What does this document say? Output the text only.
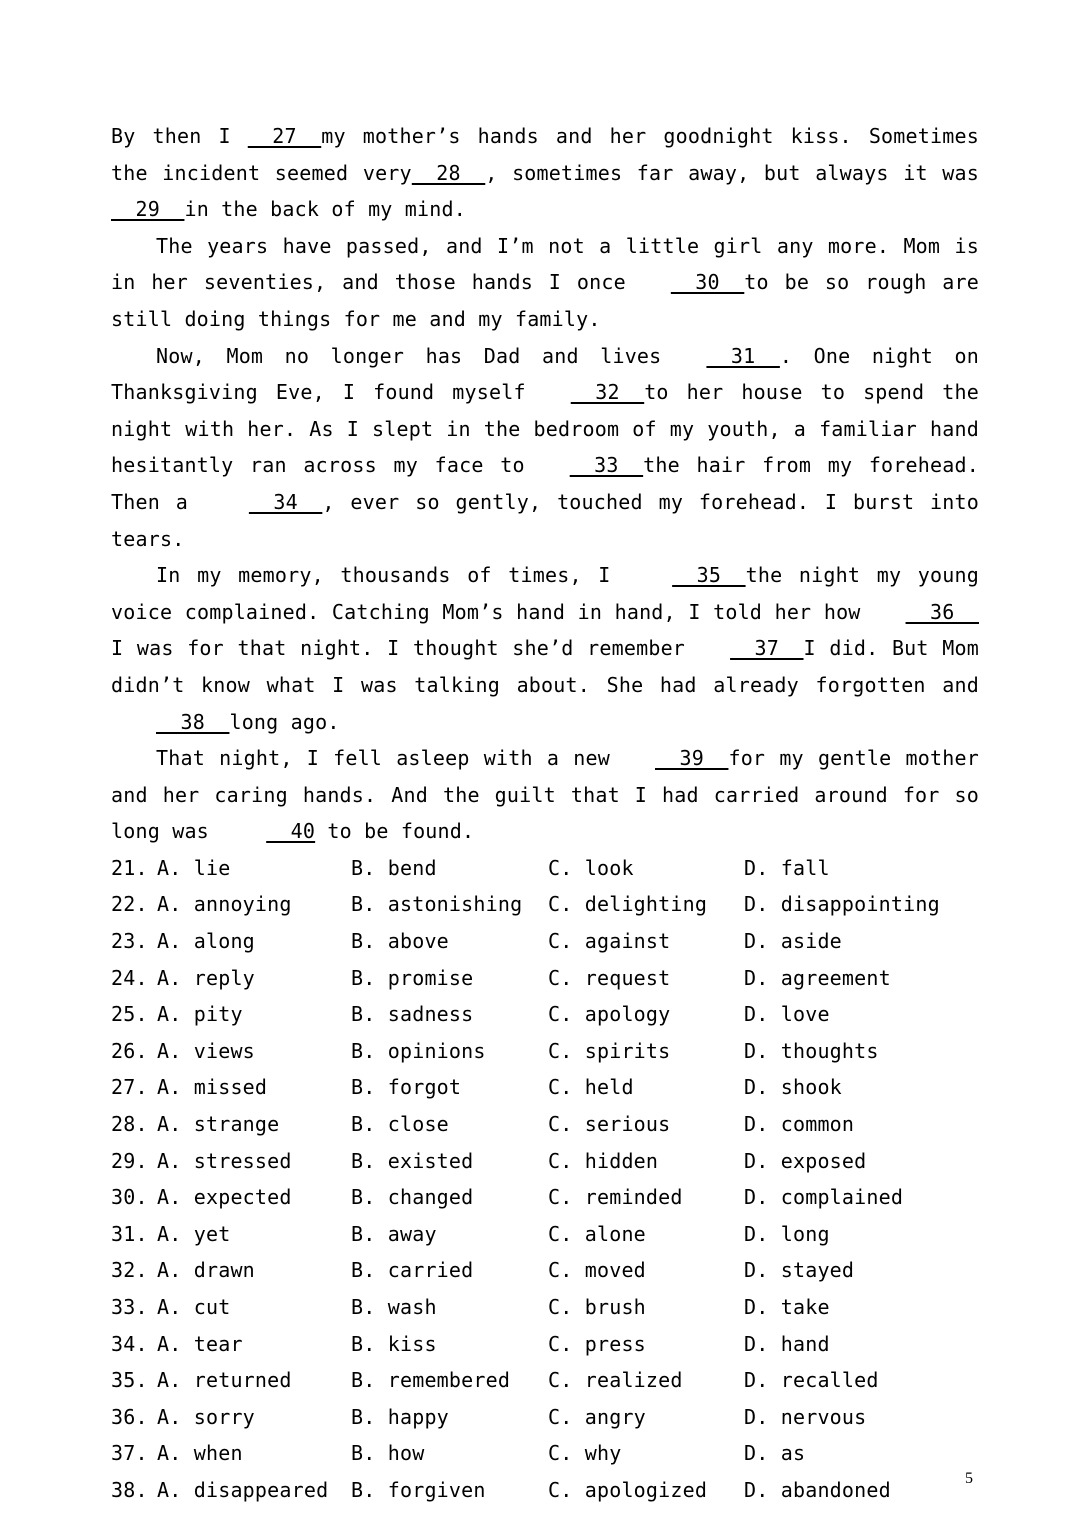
By then I   27  my mother’s hands and her goodnight kiss. Sometimes the incident seemed very  28  , sometimes far away, but always it was  29  in the back of my mind.

The years have passed, and I’m not a little girl any more. Mom is in her seventies, and those hands I once  30  to be so rough are still doing things for me and my family.

Now, Mom no longer has Dad and lives  31  . One night on Thanksgiving Eve, I found myself  32  to her house to spend the night with her. As I slept in the bedroom of my youth, a familiar hand hesitantly ran across my face to  33  the hair from my forehead. Then a   34  , ever so gently, touched my forehead. I burst into tears.

In my memory, thousands of times, I   35  the night my young voice complained. Catching Mom’s hand in hand, I told her how  36  I was for that night. I thought she’d remember  37  I did. But Mom didn’t know what I was talking about. She had already forgotten and   38  long ago.

That night, I fell asleep with a new  39  for my gentle mother and her caring hands. And the guilt that I had carried around for so long was   40 to be found.

21. A. lie	B. bend	C. look	D. fall
22. A. annoying	B. astonishing	C. delighting	D. disappointing
23. A. along	B. above	C. against	D. aside
24. A. reply	B. promise	C. request	D. agreement
25. A. pity	B. sadness	C. apology	D. love
26. A. views	B. opinions	C. spirits	D. thoughts
27. A. missed	B. forgot	C. held	D. shook
28. A. strange	B. close	C. serious	D. common
29. A. stressed	B. existed	C. hidden	D. exposed
30. A. expected	B. changed	C. reminded	D. complained
31. A. yet	B. away	C. alone	D. long
32. A. drawn	B. carried	C. moved	D. stayed
33. A. cut	B. wash	C. brush	D. take
34. A. tear	B. kiss	C. press	D. hand
35. A. returned	B. remembered	C. realized	D. recalled
36. A. sorry	B. happy	C. angry	D. nervous
37. A. when	B. how	C. why	D. as
38. A. disappeared	B. forgiven	C. apologized	D. abandoned	5
